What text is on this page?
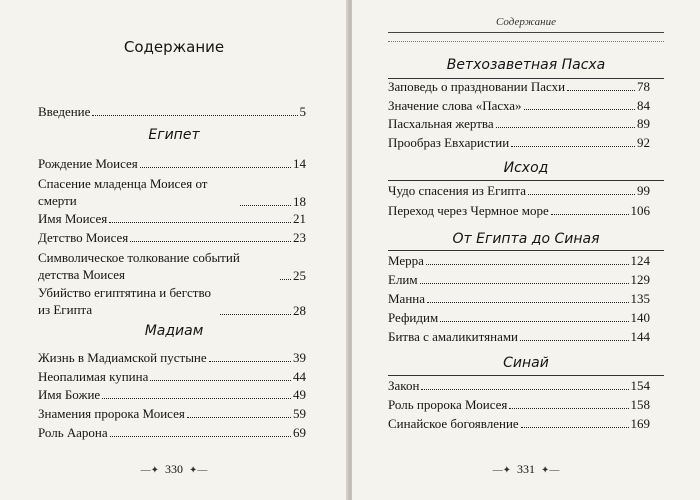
Содержание
Введение	5
Египет
Рождение Моисея	14
Спасение младенца Моисея от смерти	18
Имя Моисея	21
Детство Моисея	23
Символическое толкование событий детства Моисея	25
Убийство египтятина и бегство из Египта	28
Мадиам
Жизнь в Мадиамской пустыне	39
Неопалимая купина	44
Имя Божие	49
Знамения пророка Моисея	59
Роль Аарона	69
—✦ 330 ✦—
Содержание
Ветхозаветная Пасха
Заповедь о праздновании Пасхи	78
Значение слова «Пасха»	84
Пасхальная жертва	89
Прообраз Евхаристии	92
Исход
Чудо спасения из Египта	99
Переход через Чермное море	106
От Египта до Синая
Мерра	124
Елим	129
Манна	135
Рефидим	140
Битва с амаликитянами	144
Синай
Закон	154
Роль пророка Моисея	158
Синайское богоявление	169
—✦ 331 ✦—
